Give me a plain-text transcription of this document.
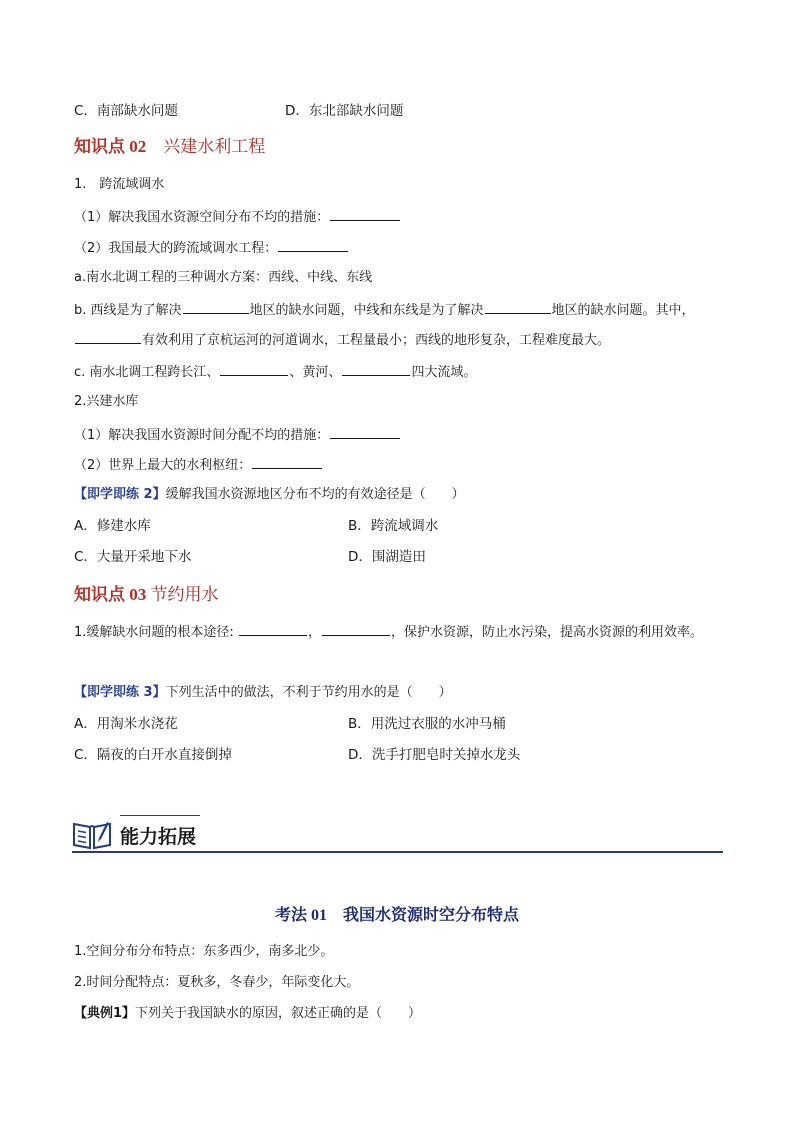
C．南部缺水问题	D．东北部缺水问题
知识点 02　 兴建水利工程
1.　跨流域调水
（1）解决我国水资源空间分布不均的措施：
（2）我国最大的跨流域调水工程：
a.南水北调工程的三种调水方案：西线、中线、东线
b. 西线是为了解决	地区的缺水问题，中线和东线是为了解决	地区的缺水问题。其中，
有效利用了京杭运河的河道调水，工程量最小；西线的地形复杂，工程难度最大。
c. 南水北调工程跨长江、	、黄河、	四大流域。
2.兴建水库
（1）解决我国水资源时间分配不均的措施：
（2）世界上最大的水利枢纽：
【即学即练 2】缓解我国水资源地区分布不均的有效途径是（　　）
A．修建水库	B．跨流域调水
C．大量开采地下水	D．围湖造田
知识点 03 节约用水
1.缓解缺水问题的根本途径:	，	，保护水资源，防止水污染，提高水资源的利用效率。
【即学即练 3】下列生活中的做法，不利于节约用水的是（　　）
A．用淘米水浇花	B．用洗过衣服的水冲马桶
C．隔夜的白开水直接倒掉	D．洗手打肥皂时关掉水龙头
能力拓展
考法 01　我国水资源时空分布特点
1.空间分布分布特点：东多西少，南多北少。
2.时间分配特点：夏秋多，冬春少，年际变化大。
【典例1】下列关于我国缺水的原因，叙述正确的是（　　）
